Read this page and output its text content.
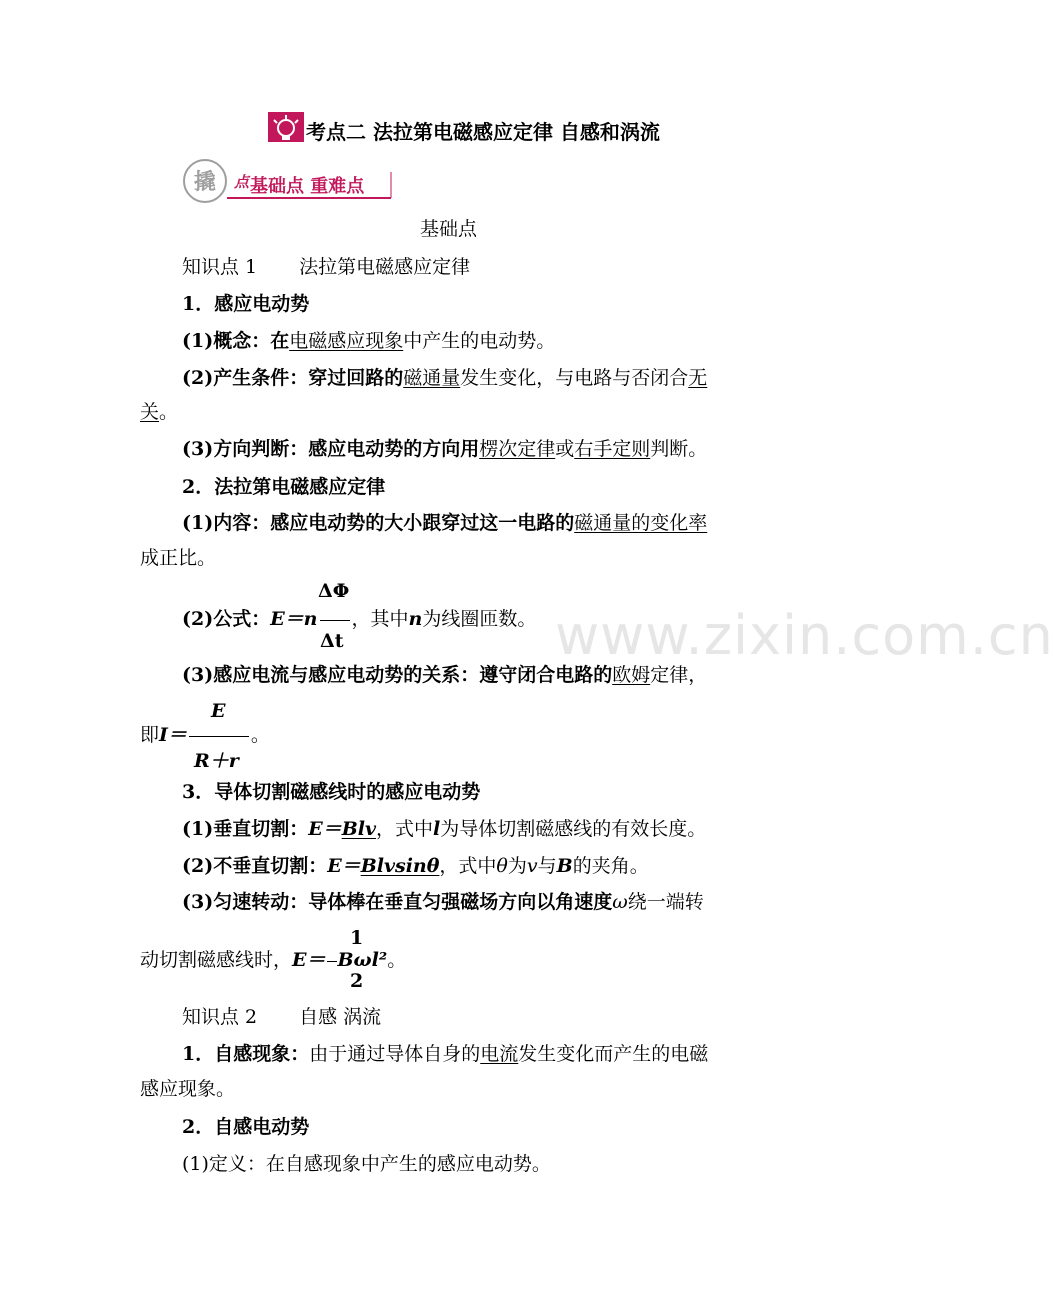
考点二 法拉第电磁感应定律 自感和涡流
撬 点 基础点 重难点
www.zixin.com.cn
基础点
知识点 1 法拉第电磁感应定律
1．感应电动势
(1)概念：在电磁感应现象中产生的电动势。
(2)产生条件：穿过回路的磁通量发生变化，与电路与否闭合无
关。
(3)方向判断：感应电动势的方向用楞次定律或右手定则判断。
2．法拉第电磁感应定律
(1)内容：感应电动势的大小跟穿过这一电路的磁通量的变化率
成正比。
ΔΦ
(2)公式：E＝n ，其中n为线圈匝数。
Δt
(3)感应电流与感应电动势的关系：遵守闭合电路的欧姆定律，
E
即I＝	。
R＋r
3．导体切割磁感线时的感应电动势
(1)垂直切割：E＝Blv，式中l为导体切割磁感线的有效长度。
(2)不垂直切割：E＝Blvsinθ，式中θ为v与B的夹角。
(3)匀速转动：导体棒在垂直匀强磁场方向以角速度ω绕一端转
1
动切割磁感线时，E＝ Bωl²。
2
知识点 2 自感 涡流
1．自感现象：由于通过导体自身的电流发生变化而产生的电磁
感应现象。
2．自感电动势
(1)定义：在自感现象中产生的感应电动势。
